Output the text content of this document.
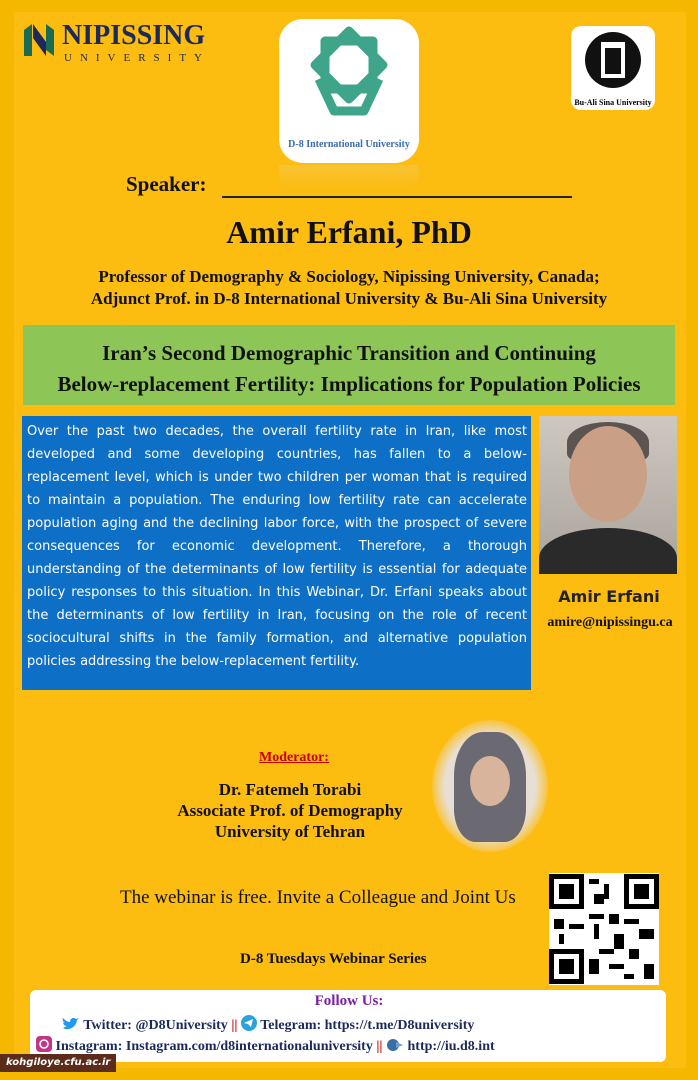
NIPISSING
UNIVERSITY
D-8 International University
Bu-Ali Sina University
Speaker:
Amir Erfani, PhD
Professor of Demography & Sociology, Nipissing University, Canada;
Adjunct Prof. in D-8 International University & Bu-Ali Sina University
Iran’s Second Demographic Transition and Continuing
Below-replacement Fertility: Implications for Population Policies

Over the past two decades, the overall fertility rate in Iran, like most developed and some developing countries, has fallen to a below-replacement level, which is under two children per woman that is required to maintain a population. The enduring low fertility rate can accelerate population aging and the declining labor force, with the prospect of severe consequences for economic development. Therefore, a thorough understanding of the determinants of low fertility is essential for adequate policy responses to this situation. In this Webinar, Dr. Erfani speaks about the determinants of low fertility in Iran, focusing on the role of recent sociocultural shifts in the family formation, and alternative population policies addressing the below-replacement fertility.

Amir Erfani
amire@nipissingu.ca
Moderator:
Dr. Fatemeh Torabi
Associate Prof. of Demography
University of Tehran
The webinar is free. Invite a Colleague and Joint Us
D-8 Tuesdays Webinar Series
Follow Us:
Twitter: @D8University || Telegram: https://t.me/D8university
Instagram: Instagram.com/d8internationaluniversity || http://iu.d8.int
kohgiloye.cfu.ac.ir
